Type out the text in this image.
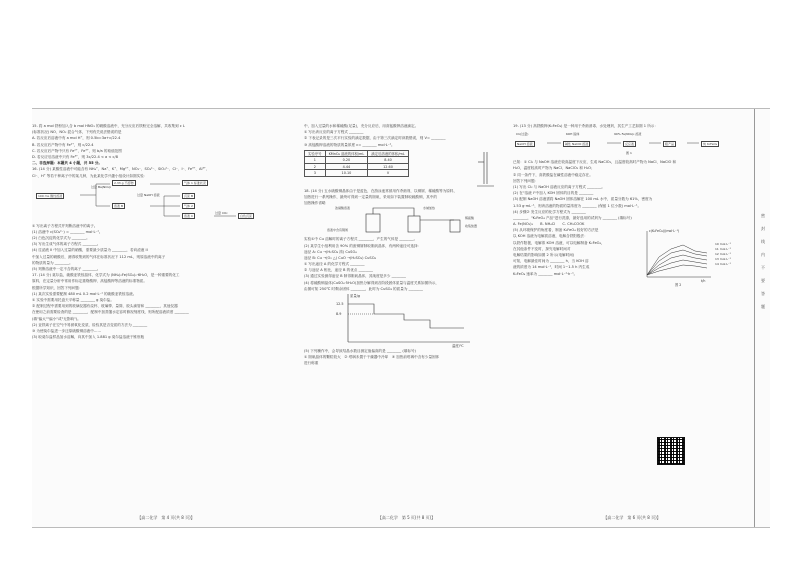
15. 将 a mol 铁粉加入含 b mol HNO₃ 的硝酸溶液中，充分反应后铁粉完全溶解，共收集到 c L
(标准状况) NO、NO₂ 混合气体，下列有关说法错误的是
A. 若反应后溶液中有 a mol H⁺，则 0.5b=3a+c/22.4
B. 若反应后产物中有 Fe²⁺，则 c/22.4
C. 若反应后产物中只有 Fe²⁺、Fe³⁺，则 b/a 的取值范围
D. 若反应后溶液中只有 Fe³⁺，则 3c/22.4 < a < c/8
二、非选择题：本题共 4 小题，共 55 分。
16. (14 分) 某酸性溶液中可能含有 NH₄⁺、Na⁺、K⁺、Mg²⁺、NO₃⁻、SO₄²⁻、SiO₃²⁻、Cl⁻、I⁻、Fe³⁺、Al³⁺、
Cl⁻、H⁺ 等若干种离子中的某几种，为此某化学兴趣小组设计如图实验：
100 mL 酸性溶液
过量 Ba(NO₃)₂
2.33 g 不溶物	气体 1 标准状况
过量 NaOH 溶液
溶液 B
沉淀 B
气体 2
过量 CO₂
溶液 C	白色沉淀
① 写出离子方程式并判断溶液中的离子。
(1) 溶液中 c(SO₄²⁻) = ________ mol·L⁻¹。
(2) 白色沉淀的化学式为 ________。
(3) 写出生成气体的离子方程式 ________。
(4) 往滤液 II 中加入过量的硝酸，需要最少质量为 ________，若向滤液 II
中加入过量的硝酸后，测得收集到的气体在标准状况下 112 mL，则原溶液中的离子
的物质的量为 ________。
(5) 判断溶液中一定不含的离子 ________。
17. (14 分) 莫尔盐，硫酸亚铁铵晶体，化学式为 (NH₄)₂Fe(SO₄)₂·6H₂O，是一种重要的化工
原料，在定量分析中常用作标定重铬酸钾、高锰酸钾等溶液的标准物质。
根据所学知识，回答下列问题：
(1) 某次实验需要配制 480 mL 0.2 mol·L⁻¹ 的硫酸亚铁铵溶液。
① 实验中需要用托盘天平称量 ________ g 莫尔盐。
② 配制过程中需要用到的玻璃仪器有烧杯、玻璃棒、量筒、胶头滴管和 ________，其他仪器
在使用之前需要检查的是 ________，配制中加蒸馏水定容时俯视刻度线，则所配溶液浓度 ________
(填"偏大""偏小"或"无影响")。
(2) 亚铁离子在空气中易被氧化变质，检验其是否变质的方法为 ________
③ 为使莫尔盐进一步还原硫酸铜溶液中……
(3) 取莫尔盐样品加水溶解，向其中加入 1.881 g 莫尔盐溶液于锥形瓶
【高二化学　第 4 页(共 8 页)】
中，加入过量的水和稀硫酸(足量)，充分反应后，用高锰酸钾溶液滴定。
① 写出该反应的离子方程式 ________
② 下表记录的是三次平行实验的滴定数据，由于第三次滴定时读数错误，则 V= ________
③ 高锰酸钾溶液的物质的量浓度 c= ________ mol·L⁻¹。
实验序号	KMnO₄ 溶液的体积/mL	滴定后溶液的体积/mL
1	0.20	8.40
2	4.44	12.60
3	10.10	V
18. (14 分) 五水硫酸铜晶体由于是蓝色，在游泳池常被用作杀菌剂，以铜屑、稀硫酸等为原料，
加热进行一系列操作，最终可得到一定量的胆矾，采用如下装置制取硫酸铜，其中的
加热操作省略
浓硝酸溶液	水域加热
稀硫酸
收集装置
溶液中含有铜屑
实验①中 Cu 溶解时的离子方程式 ________，产生的气体是 ________。
(2) 某学生小组利用含 90% 的废铜屑制取胆矾晶体，有两种途径可选择：
途径 A: Cu →(H₂SO₄ 浓) CuSO₄
途径 B: Cu →(O₂ △) CuO →(H₂SO₄) CuSO₄
① 写出途径 A 的化学方程式 ________
② 与途径 A 相比，途径 B 的优点 ________
(3) 通过实验测得途径 B 制得胆矾晶体，其纯度是多少 ________
(4) 将硫酸铜晶体(CuSO₄·5H₂O)加热分解得到各阶段固体质量与温度关系如图所示，
由图可知 250℃ 时剩余固体 ________，此时为 CuSO₄ 的质量为 ________
12.5
8.9
质量/g
温度/℃
(5) 下列操作中，会导致结晶水数目测定值偏高的是 ________ (填标号)
① 胆矾晶体的颗粒较大　② 坩埚未置于干燥器中冷却　③ 加热前坩埚中含有少量固体
进行称重
【高二化学　第 5 页(共 8 页)】
19. (13 分) 高铁酸钾(K₂FeO₄) 是一种用于杀菌消毒、水处理剂，其生产工艺如图 1 所示：
Cl₂(过量)	KOH 固体	90% Fe(NO₃)₃ 溶液
NaOH 溶液	碱性 NaClO 溶液	反应液	粗产品	纯 K₂FeO₄
图 1
已知：① Cl₂ 与 NaOH 溶液在较高温度下反应，生成 NaClO₃，且温度较高时产物为 NaCl、NaClO 和
H₂O，温度较高时产物为 NaCl、NaClO₃ 和 H₂O；
② 同一条件下，高铁酸盐在碱性溶液中稳定存在。
回答下列问题：
(1) 写出 Cl₂ 与 NaOH 溶液反应的离子方程式 ________。
(2) 在"溶液 I"中加入 KOH 固体的目的是 ________
(3) 配制 NaOH 溶液需将 NaOH 固体溶解在 100 mL 水中，质量分数为 61%，密度为
1.53 g·mL⁻¹，则该溶液的物质的量浓度为 ________ (保留 1 位小数) mol·L⁻¹。
(4) 步骤② 发生反应的化学方程式为 ________
________，"K₂FeO₄ 产品"进行洗涤，最好选用的试剂为 ________ (填标号)
A. Fe(NO₃)₃　　B. NH₄Cl　　C. CH₃COOK
(5) 从环境保护的角度看，制备 K₂FeO₄ 较好的方法是
以 KOH 溶液为电解质溶液，电解含铁阳极法：
以铁作阳极，电解浓 KOH 溶液，可以电解制备 K₂FeO₄，
在其他条件不变时，探究电解时间对
电解结果的影响如图 2 所示(电解时间)
可知，电解最佳时间为 ________ h，当 KOH 溶
液的浓度为 14 mol·L⁻¹，时间 1~1.5 h 内生成
K₂FeO₄ 速率为 ________ mol·L⁻¹·h⁻¹。
c(K₂FeO₄)/(mol·L⁻¹)
t/h
图 2
10 mol·L⁻¹
11 mol·L⁻¹
12 mol·L⁻¹
13 mol·L⁻¹
14 mol·L⁻¹
【高二化学　第 6 页(共 8 页)】
密
封
线
内
不
要
答
题
